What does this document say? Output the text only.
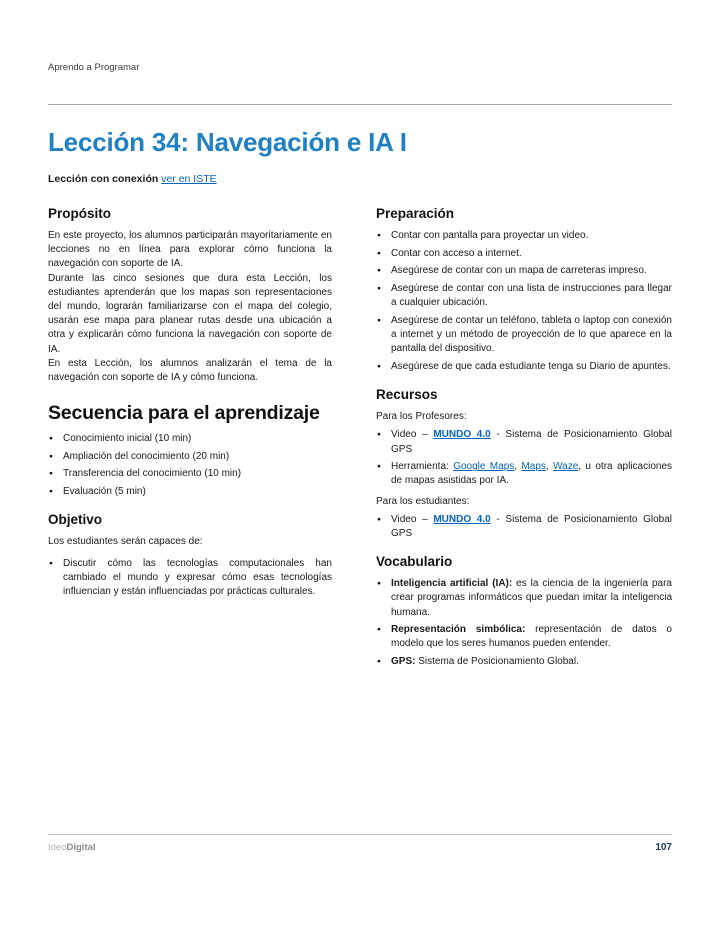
Aprendo a Programar
Lección 34: Navegación e IA I
Lección con conexión ver en ISTE
Propósito

En este proyecto, los alumnos participarán mayoritariamente en lecciones no en línea para explorar cómo funciona la navegación con soporte de IA.

Durante las cinco sesiones que dura esta Lección, los estudiantes aprenderán que los mapas son representaciones del mundo, lograrán familiarizarse con el mapa del colegio, usarán ese mapa para planear rutas desde una ubicación a otra y explicarán cómo funciona la navegación con soporte de IA.

En esta Lección, los alumnos analizarán el tema de la navegación con soporte de IA y cómo funciona.

Secuencia para el aprendizaje
● Conocimiento inicial (10 min)
● Ampliación del conocimiento (20 min)
● Transferencia del conocimiento (10 min)
● Evaluación (5 min)
Objetivo
Los estudiantes serán capaces de:
● Discutir cómo las tecnologías computacionales han cambiado el mundo y expresar cómo esas tecnologías influencian y están influenciadas por prácticas culturales.
Preparación
● Contar con pantalla para proyectar un video.
● Contar con acceso a internet.
● Asegúrese de contar con un mapa de carreteras impreso.
● Asegúrese de contar con una lista de instrucciones para llegar a cualquier ubicación.
● Asegúrese de contar un teléfono, tableta o laptop con conexión a internet y un método de proyección de lo que aparece en la pantalla del dispositivo.
● Asegúrese de que cada estudiante tenga su Diario de apuntes.
Recursos
Para los Profesores:
● Video – MUNDO 4.0 - Sistema de Posicionamiento Global GPS
● Herramienta: Google Maps, Maps, Waze, u otra aplicaciones de mapas asistidas por IA.
Para los estudiantes:
● Video – MUNDO 4.0 - Sistema de Posicionamiento Global GPS
Vocabulario
● Inteligencia artificial (IA): es la ciencia de la ingeniería para crear programas informáticos que puedan imitar la inteligencia humana.
● Representación simbólica: representación de datos o modelo que los seres humanos pueden entender.
● GPS: Sistema de Posicionamiento Global.
IdeoDigital	107
